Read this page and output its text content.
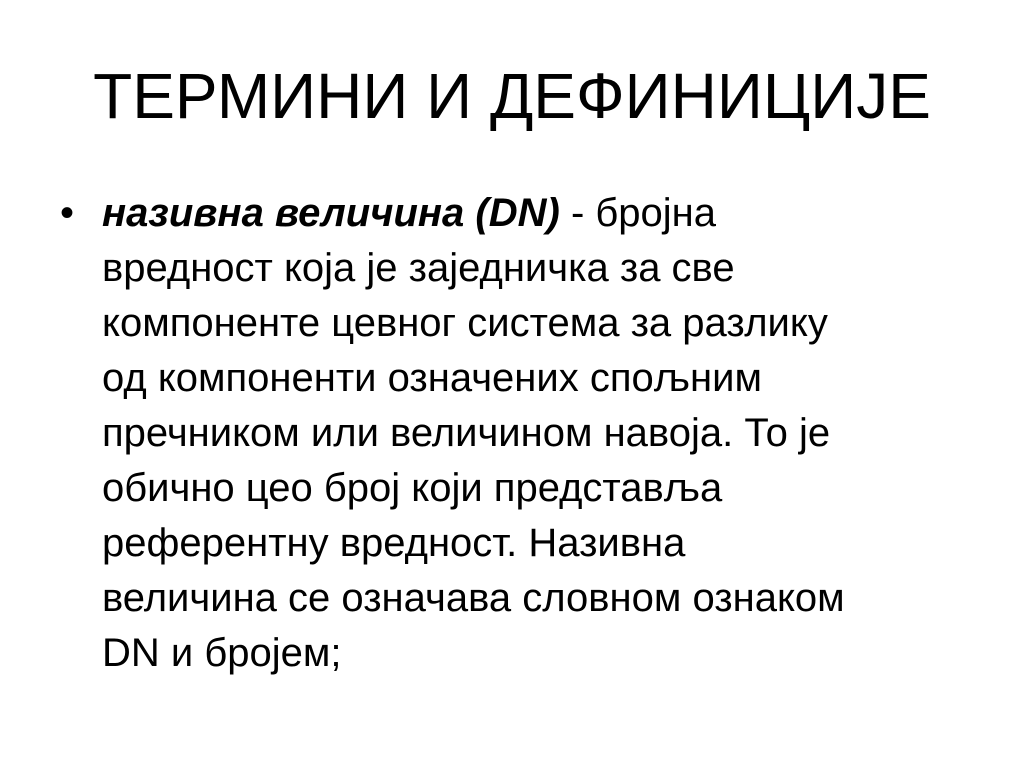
ТЕРМИНИ И ДЕФИНИЦИЈЕ
• називна величина (DN) - бројна
вредност која је заједничка за све
компоненте цевног система за разлику
од компоненти означених спољним
пречником или величином навоја. То је
обично цео број који представља
референтну вредност. Називна
величина се означава словном ознаком
DN и бројем;
